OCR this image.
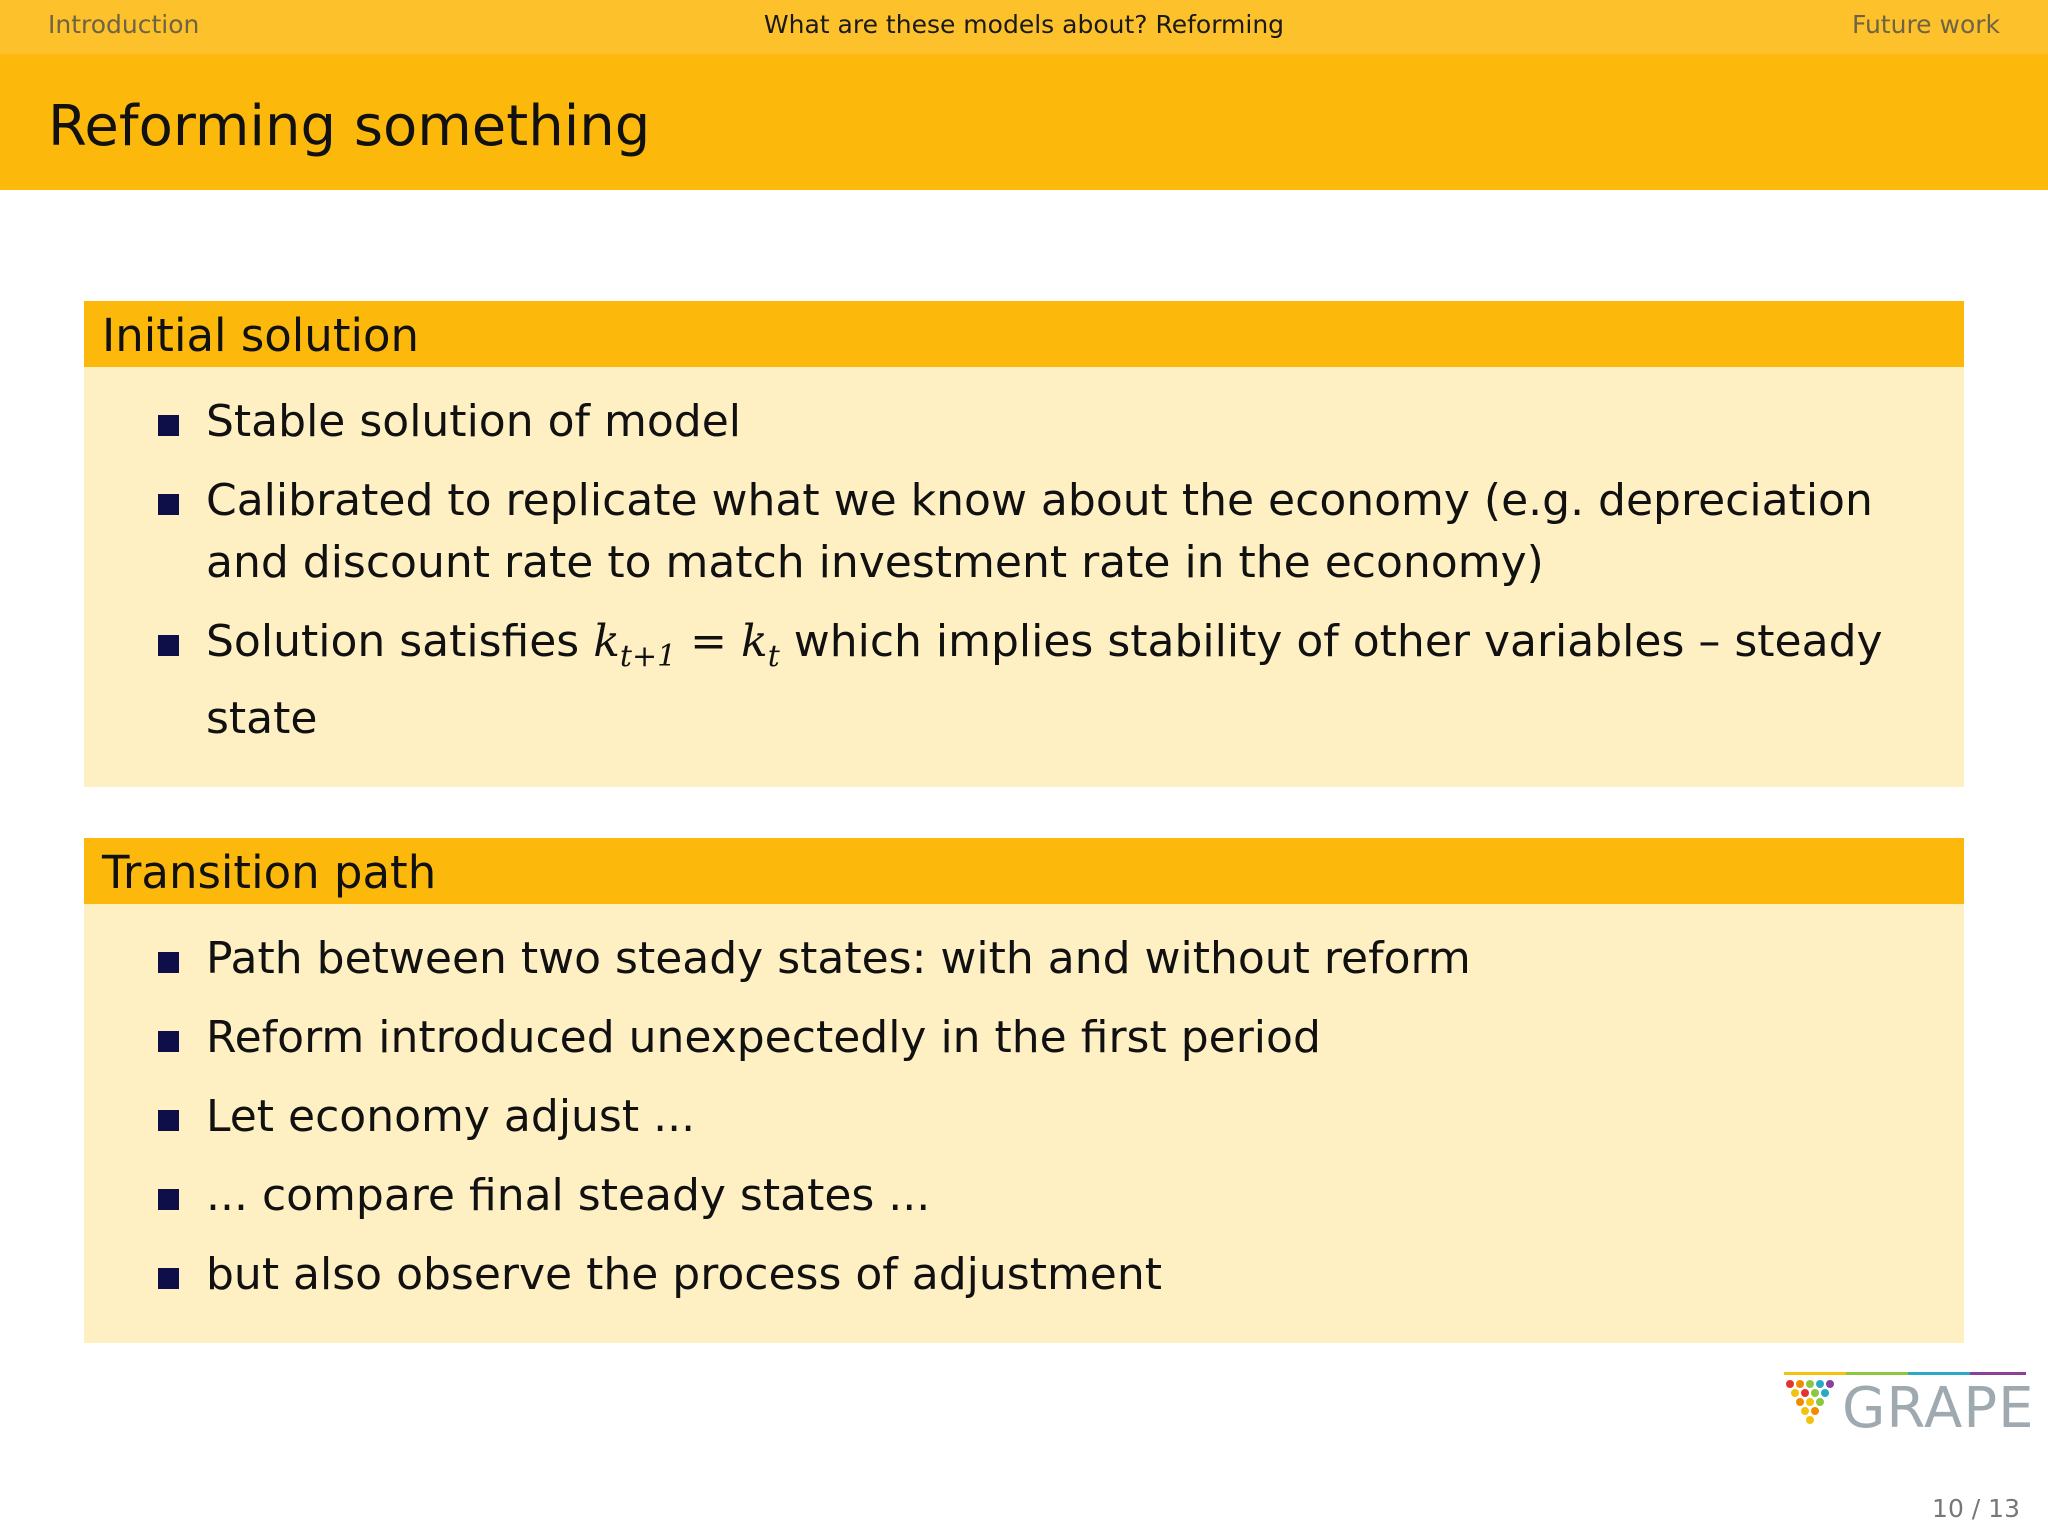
Introduction	What are these models about? Reforming	Future work
Reforming something
Initial solution
Stable solution of model
Calibrated to replicate what we know about the economy (e.g. depreciation and discount rate to match investment rate in the economy)
Solution satisfies $k_{t+1} = k_t$ which implies stability of other variables – steady state
Transition path
Path between two steady states: with and without reform
Reform introduced unexpectedly in the first period
Let economy adjust ...
... compare final steady states ...
but also observe the process of adjustment
GRAPE
10 / 13
